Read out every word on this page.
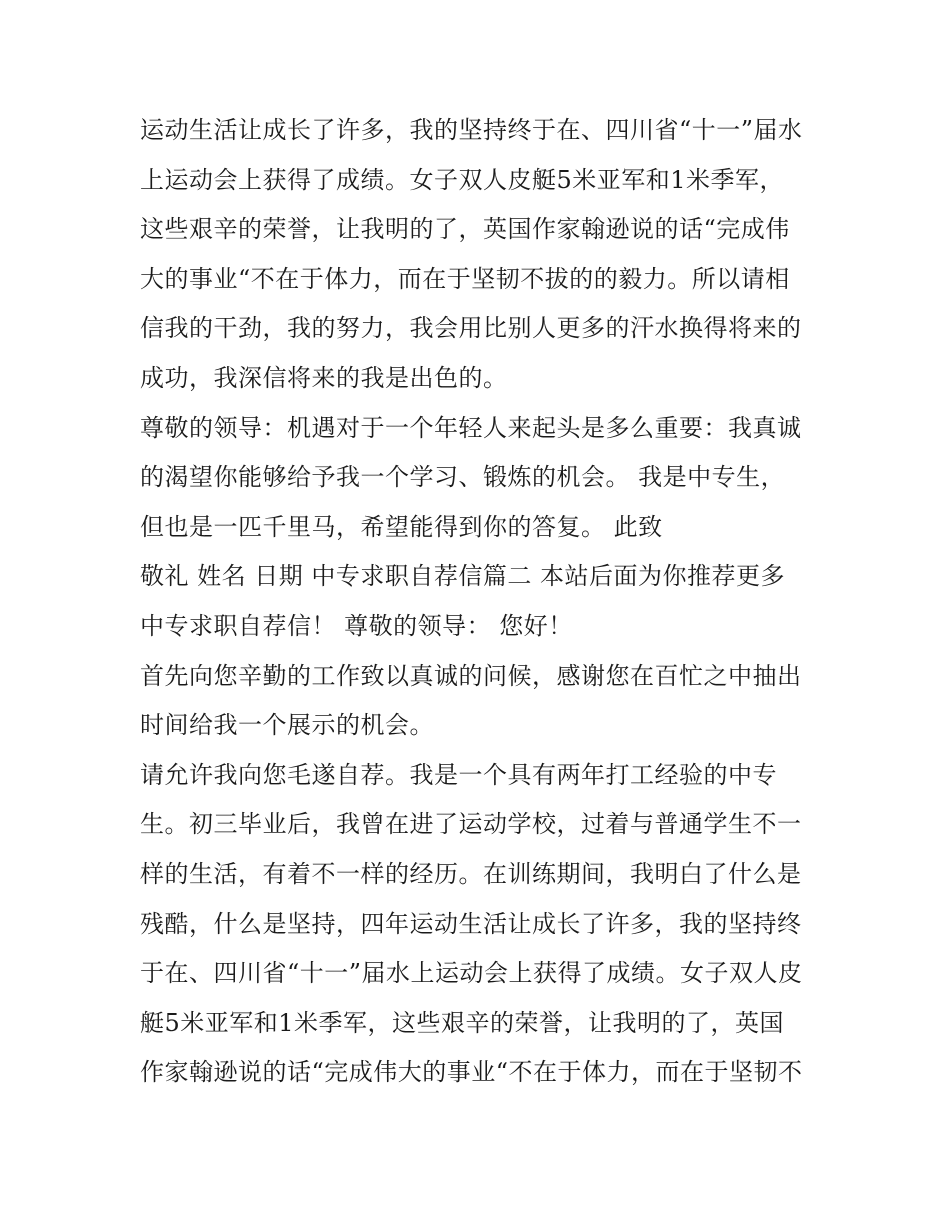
运动生活让成长了许多，我的坚持终于在、四川省“十一”届水
上运动会上获得了成绩。女子双人皮艇5米亚军和1米季军，
这些艰辛的荣誉，让我明的了，英国作家翰逊说的话“完成伟
大的事业“不在于体力，而在于坚韧不拔的的毅力。所以请相
信我的干劲，我的努力，我会用比别人更多的汗水换得将来的
成功，我深信将来的我是出色的。
尊敬的领导：机遇对于一个年轻人来起头是多么重要：我真诚
的渴望你能够给予我一个学习、锻炼的机会。 我是中专生，
但也是一匹千里马，希望能得到你的答复。 此致
敬礼 姓名 日期 中专求职自荐信篇二 本站后面为你推荐更多
中专求职自荐信！ 尊敬的领导： 您好！
首先向您辛勤的工作致以真诚的问候，感谢您在百忙之中抽出
时间给我一个展示的机会。
请允许我向您毛遂自荐。我是一个具有两年打工经验的中专
生。初三毕业后，我曾在进了运动学校，过着与普通学生不一
样的生活，有着不一样的经历。在训练期间，我明白了什么是
残酷，什么是坚持，四年运动生活让成长了许多，我的坚持终
于在、四川省“十一”届水上运动会上获得了成绩。女子双人皮
艇5米亚军和1米季军，这些艰辛的荣誉，让我明的了，英国
作家翰逊说的话“完成伟大的事业“不在于体力，而在于坚韧不
